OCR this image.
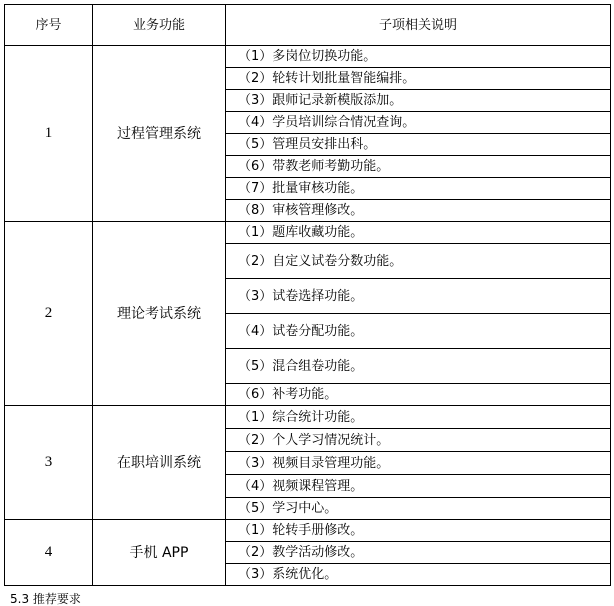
序号	业务功能	子项相关说明
1	过程管理系统	（1）多岗位切换功能。
		（2）轮转计划批量智能编排。
		（3）跟师记录新模版添加。
		（4）学员培训综合情况查询。
		（5）管理员安排出科。
		（6）带教老师考勤功能。
		（7）批量审核功能。
		（8）审核管理修改。
2	理论考试系统	（1）题库收藏功能。
		（2）自定义试卷分数功能。
		（3）试卷选择功能。
		（4）试卷分配功能。
		（5）混合组卷功能。
		（6）补考功能。
3	在职培训系统	（1）综合统计功能。
		（2）个人学习情况统计。
		（3）视频目录管理功能。
		（4）视频课程管理。
		（5）学习中心。
4	手机 APP	（1）轮转手册修改。
		（2）教学活动修改。
		（3）系统优化。
5.3 推荐要求
